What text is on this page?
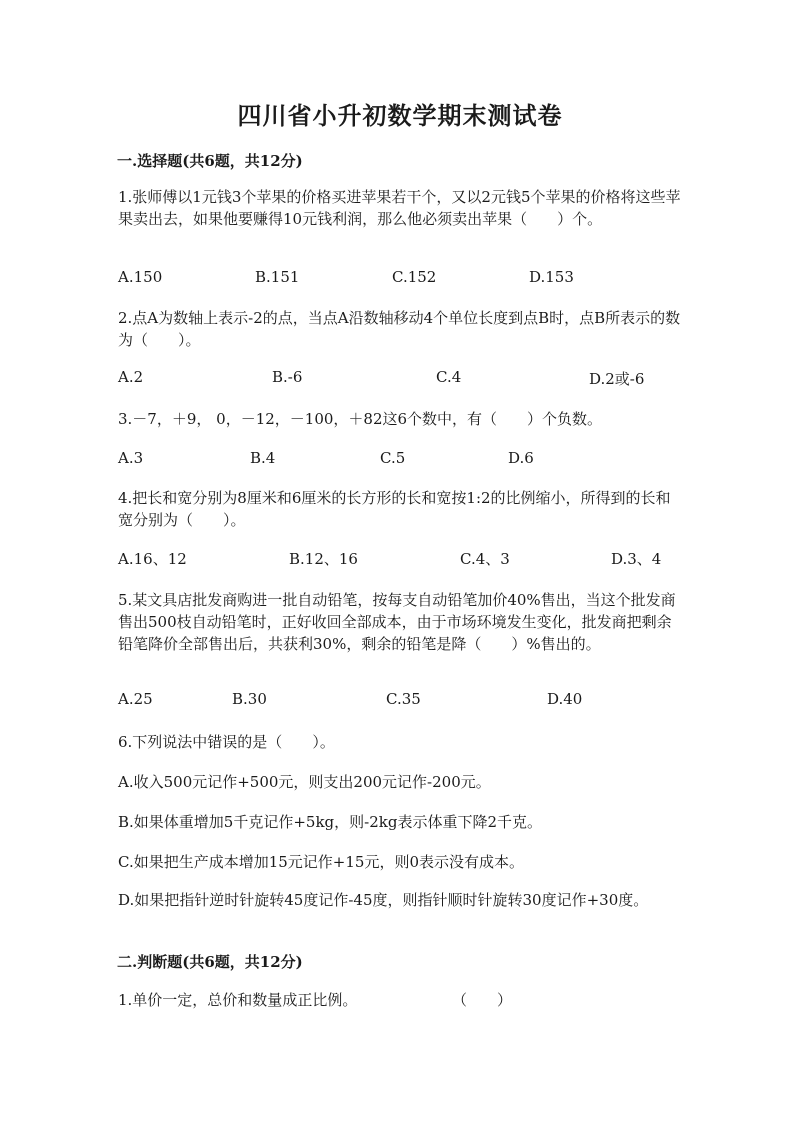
四川省小升初数学期末测试卷
一.选择题(共6题，共12分)
1.张师傅以1元钱3个苹果的价格买进苹果若干个，又以2元钱5个苹果的价格将这些苹果卖出去，如果他要赚得10元钱利润，那么他必须卖出苹果（　　）个。
A.150	B.151	C.152	D.153
2.点A为数轴上表示-2的点，当点A沿数轴移动4个单位长度到点B时，点B所表示的数为（　　）。
A.2	B.-6	C.4	D.2或-6
3.－7，＋9， 0，－12，－100，＋82这6个数中，有（　　）个负数。
A.3	B.4	C.5	D.6
4.把长和宽分别为8厘米和6厘米的长方形的长和宽按1:2的比例缩小，所得到的长和宽分别为（　　）。
A.16、12	B.12、16	C.4、3	D.3、4
5.某文具店批发商购进一批自动铅笔，按每支自动铅笔加价40%售出，当这个批发商售出500枝自动铅笔时，正好收回全部成本，由于市场环境发生变化，批发商把剩余铅笔降价全部售出后，共获利30%，剩余的铅笔是降（　　）%售出的。
A.25	B.30	C.35	D.40
6.下列说法中错误的是（　　）。
A.收入500元记作+500元，则支出200元记作-200元。
B.如果体重增加5千克记作+5kg，则-2kg表示体重下降2千克。
C.如果把生产成本增加15元记作+15元，则0表示没有成本。
D.如果把指针逆时针旋转45度记作-45度，则指针顺时针旋转30度记作+30度。
二.判断题(共6题，共12分)
1.单价一定，总价和数量成正比例。	（　　）
